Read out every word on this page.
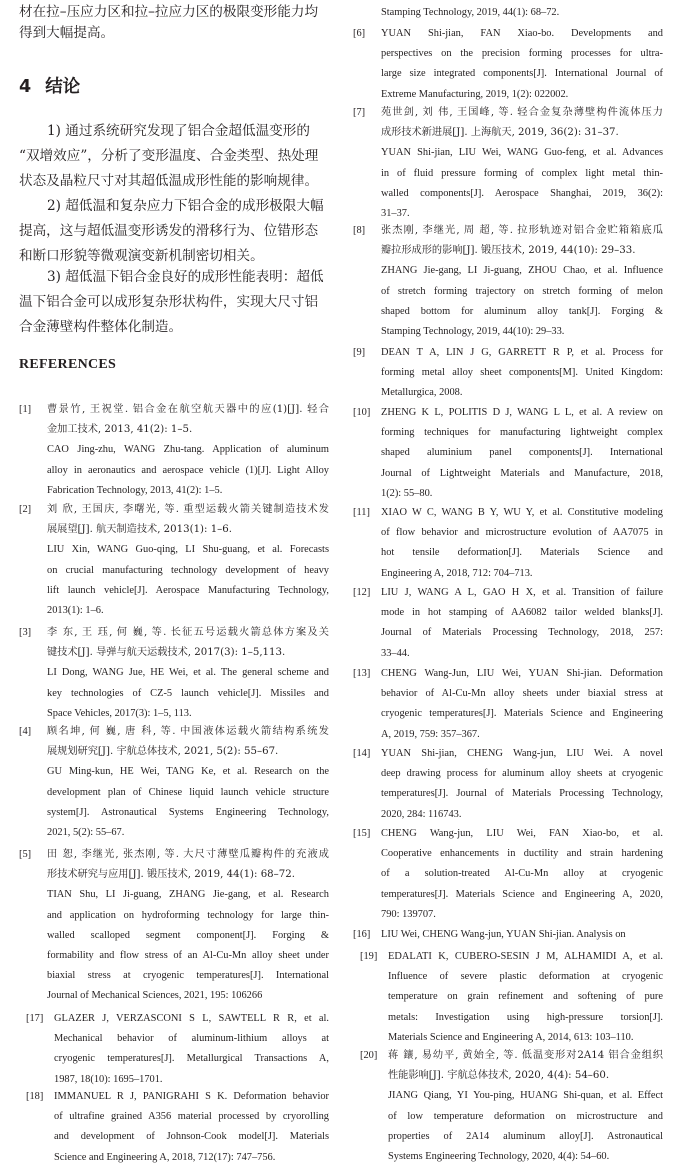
材在拉–压应力区和拉–拉应力区的极限变形能力均
得到大幅提高。
4 结论
1) 通过系统研究发现了铝合金超低温变形的
“双增效应”，分析了变形温度、合金类型、热处理
状态及晶粒尺寸对其超低温成形性能的影响规律。
2) 超低温和复杂应力下铝合金的成形极限大幅
提高，这与超低温变形诱发的滑移行为、位错形态
和断口形貌等微观演变新机制密切相关。
3) 超低温下铝合金良好的成形性能表明：超低
温下铝合金可以成形复杂形状构件，实现大尺寸铝
合金薄壁构件整体化制造。
REFERENCES
[1] 曹景竹, 王祝堂. 铝合金在航空航天器中的应(1)[J]. 轻合
金加工技术, 2013, 41(2): 1–5.
CAO Jing-zhu, WANG Zhu-tang. Application of aluminum
alloy in aeronautics and aerospace vehicle (1)[J]. Light Alloy
Fabrication Technology, 2013, 41(2): 1–5.
[2] 刘 欣, 王国庆, 李曙光, 等. 重型运载火箭关键制造技术发
展展望[J]. 航天制造技术, 2013(1): 1–6.
LIU Xin, WANG Guo-qing, LI Shu-guang, et al. Forecasts
on crucial manufacturing technology development of heavy
lift launch vehicle[J]. Aerospace Manufacturing Technology,
2013(1): 1–6.
[3] 李 东, 王 珏, 何 巍, 等. 长征五号运载火箭总体方案及关
键技术[J]. 导弹与航天运载技术, 2017(3): 1–5,113.
LI Dong, WANG Jue, HE Wei, et al. The general scheme and
key technologies of CZ-5 launch vehicle[J]. Missiles and
Space Vehicles, 2017(3): 1–5, 113.
[4] 顾名坤, 何 巍, 唐 科, 等. 中国液体运载火箭结构系统发
展规划研究[J]. 宇航总体技术, 2021, 5(2): 55–67.
GU Ming-kun, HE Wei, TANG Ke, et al. Research on the
development plan of Chinese liquid launch vehicle structure
system[J]. Astronautical Systems Engineering Technology,
2021, 5(2): 55–67.
[5] 田 恕, 李继光, 张杰刚, 等. 大尺寸薄壁瓜瓣构件的充液成
形技术研究与应用[J]. 锻压技术, 2019, 44(1): 68–72.
TIAN Shu, LI Ji-guang, ZHANG Jie-gang, et al. Research
and application on hydroforming technology for large thin-
walled scalloped segment component[J]. Forging &
formability and flow stress of an Al-Cu-Mn alloy sheet under
biaxial stress at cryogenic temperatures[J]. International
Journal of Mechanical Sciences, 2021, 195: 106266
[17] GLAZER J, VERZASCONI S L, SAWTELL R R, et al.
Mechanical behavior of aluminum-lithium alloys at
cryogenic temperatures[J]. Metallurgical Transactions A,
1987, 18(10): 1695–1701.
[18] IMMANUEL R J, PANIGRAHI S K. Deformation behavior
of ultrafine grained A356 material processed by cryorolling
and development of Johnson-Cook model[J]. Materials
Science and Engineering A, 2018, 712(17): 747–756.
Stamping Technology, 2019, 44(1): 68–72.
[6] YUAN Shi-jian, FAN Xiao-bo. Developments and
perspectives on the precision forming processes for ultra-
large size integrated components[J]. International Journal of
Extreme Manufacturing, 2019, 1(2): 022002.
[7] 苑世剑, 刘 伟, 王国峰, 等. 轻合金复杂薄壁构件流体压力
成形技术新进展[J]. 上海航天, 2019, 36(2): 31–37.
YUAN Shi-jian, LIU Wei, WANG Guo-feng, et al. Advances
in of fluid pressure forming of complex light metal thin-
walled components[J]. Aerospace Shanghai, 2019, 36(2):
31–37.
[8] 张杰刚, 李继光, 周 超, 等. 拉形轨迹对铝合金贮箱箱底瓜
瓣拉形成形的影响[J]. 锻压技术, 2019, 44(10): 29–33.
ZHANG Jie-gang, LI Ji-guang, ZHOU Chao, et al. Influence
of stretch forming trajectory on stretch forming of melon
shaped bottom for aluminum alloy tank[J]. Forging &
Stamping Technology, 2019, 44(10): 29–33.
[9] DEAN T A, LIN J G, GARRETT R P, et al. Process for
forming metal alloy sheet components[M]. United Kingdom:
Metallurgica, 2008.
[10] ZHENG K L, POLITIS D J, WANG L L, et al. A review on
forming techniques for manufacturing lightweight complex
shaped aluminium panel components[J]. International
Journal of Lightweight Materials and Manufacture, 2018,
1(2): 55–80.
[11] XIAO W C, WANG B Y, WU Y, et al. Constitutive modeling
of flow behavior and microstructure evolution of AA7075 in
hot tensile deformation[J]. Materials Science and
Engineering A, 2018, 712: 704–713.
[12] LIU J, WANG A L, GAO H X, et al. Transition of failure
mode in hot stamping of AA6082 tailor welded blanks[J].
Journal of Materials Processing Technology, 2018, 257:
33–44.
[13] CHENG Wang-Jun, LIU Wei, YUAN Shi-jian. Deformation
behavior of Al-Cu-Mn alloy sheets under biaxial stress at
cryogenic temperatures[J]. Materials Science and Engineering
A, 2019, 759: 357–367.
[14] YUAN Shi-jian, CHENG Wang-jun, LIU Wei. A novel
deep drawing process for aluminum alloy sheets at cryogenic
temperatures[J]. Journal of Materials Processing Technology,
2020, 284: 116743.
[15] CHENG Wang-jun, LIU Wei, FAN Xiao-bo, et al.
Cooperative enhancements in ductility and strain hardening
of a solution-treated Al-Cu-Mn alloy at cryogenic
temperatures[J]. Materials Science and Engineering A, 2020,
790: 139707.
[16] LIU Wei, CHENG Wang-jun, YUAN Shi-jian. Analysis on
[19] EDALATI K, CUBERO-SESIN J M, ALHAMIDI A, et al.
Influence of severe plastic deformation at cryogenic
temperature on grain refinement and softening of pure
metals: Investigation using high-pressure torsion[J].
Materials Science and Engineering A, 2014, 613: 103–110.
[20] 蒋 鑲, 易幼平, 黄始全, 等. 低温变形对2A14 铝合金组织
性能影响[J]. 宇航总体技术, 2020, 4(4): 54–60.
JIANG Qiang, YI You-ping, HUANG Shi-quan, et al. Effect
of low temperature deformation on microstructure and
properties of 2A14 aluminum alloy[J]. Astronautical
Systems Engineering Technology, 2020, 4(4): 54–60.
